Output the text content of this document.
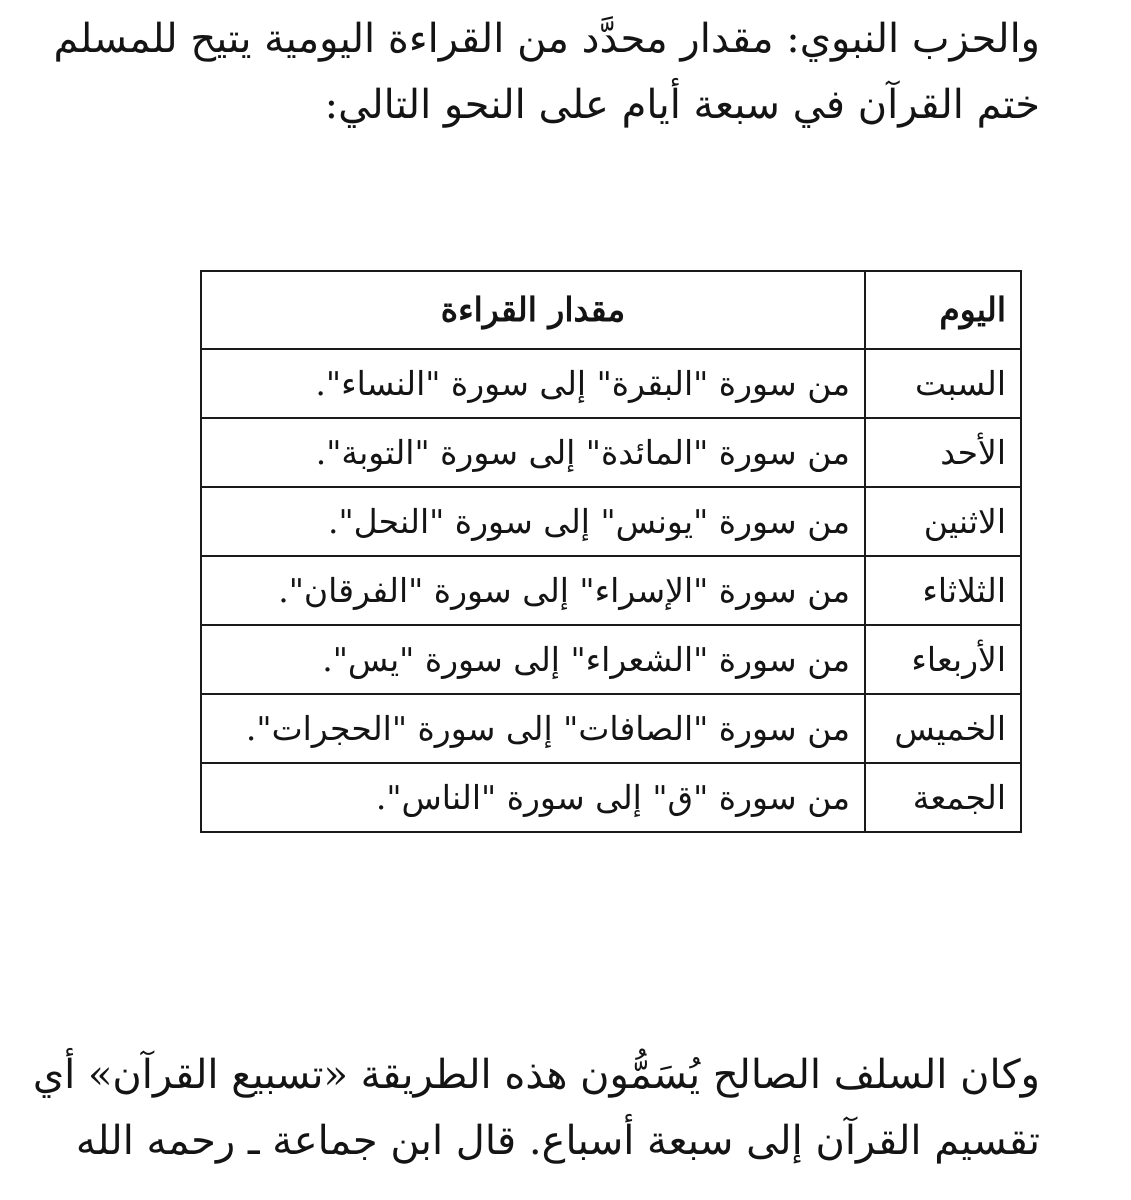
والحزب النبوي: مقدار محدَّد من القراءة اليومية يتيح للمسلم

ختم القرآن في سبعة أيام على النحو التالي:

اليوم	مقدار القراءة
السبت	من سورة "البقرة" إلى سورة "النساء".
الأحد	من سورة "المائدة" إلى سورة "التوبة".
الاثنين	من سورة "يونس" إلى سورة "النحل".
الثلاثاء	من سورة "الإسراء" إلى سورة "الفرقان".
الأربعاء	من سورة "الشعراء" إلى سورة "يس".
الخميس	من سورة "الصافات" إلى سورة "الحجرات".
الجمعة	من سورة "ق" إلى سورة "الناس".

وكان السلف الصالح يُسَمُّون هذه الطريقة «تسبيع القرآن» أي

تقسيم القرآن إلى سبعة أسباع. قال ابن جماعة ـ رحمه الله
